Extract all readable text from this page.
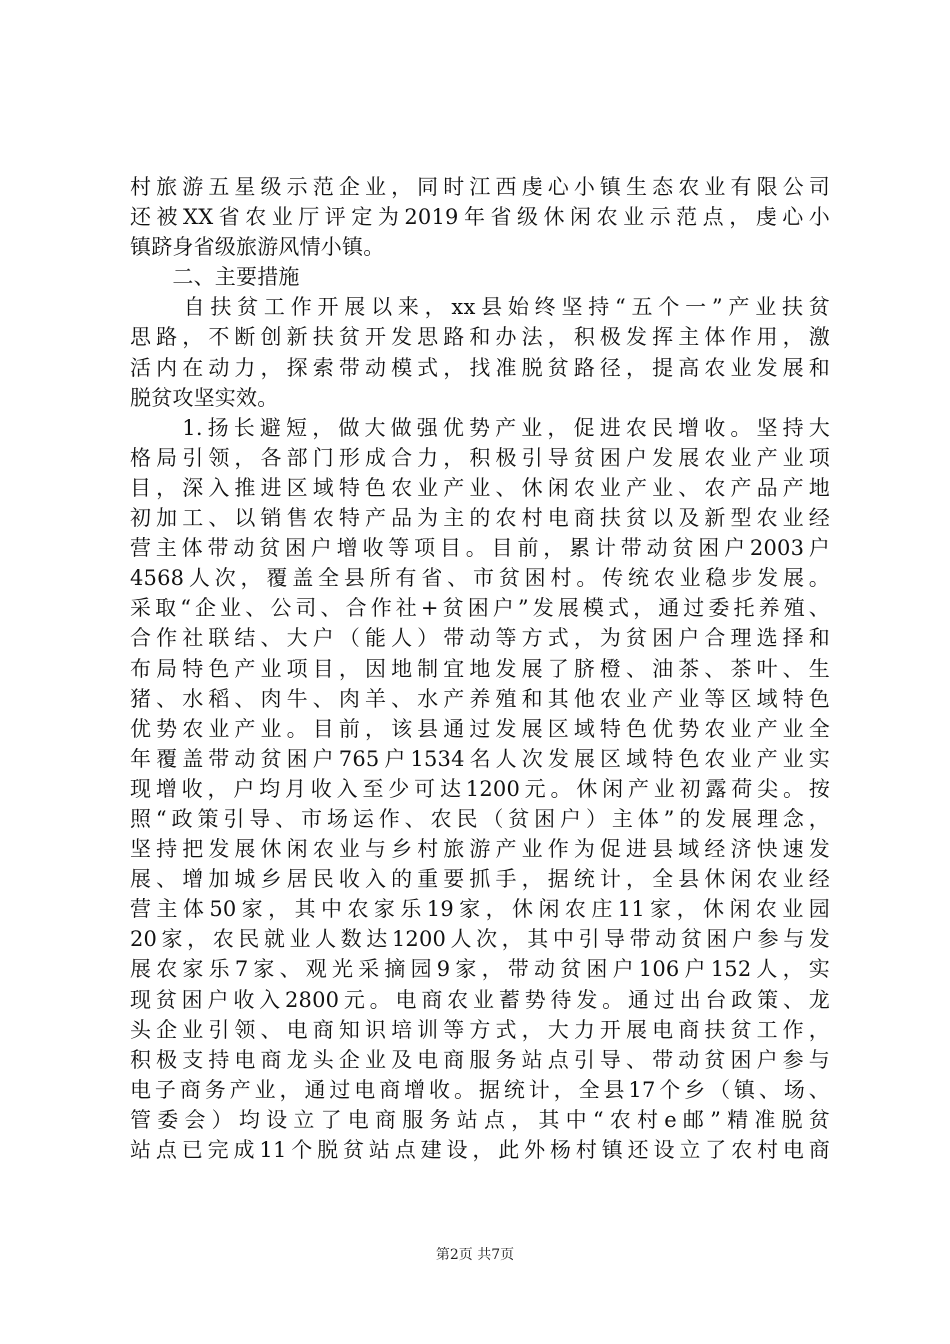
村旅游五星级示范企业，同时江西虔心小镇生态农业有限公司
还被XX省农业厅评定为2019年省级休闲农业示范点，虔心小
镇跻身省级旅游风情小镇。
　　二、主要措施
　　自扶贫工作开展以来，xx县始终坚持“五个一”产业扶贫
思路，不断创新扶贫开发思路和办法，积极发挥主体作用，激
活内在动力，探索带动模式，找准脱贫路径，提高农业发展和
脱贫攻坚实效。
　　1.扬长避短，做大做强优势产业，促进农民增收。坚持大
格局引领，各部门形成合力，积极引导贫困户发展农业产业项
目，深入推进区域特色农业产业、休闲农业产业、农产品产地
初加工、以销售农特产品为主的农村电商扶贫以及新型农业经
营主体带动贫困户增收等项目。目前，累计带动贫困户2003户
4568人次，覆盖全县所有省、市贫困村。传统农业稳步发展。
采取“企业、公司、合作社+贫困户”发展模式，通过委托养殖、
合作社联结、大户（能人）带动等方式，为贫困户合理选择和
布局特色产业项目，因地制宜地发展了脐橙、油茶、茶叶、生
猪、水稻、肉牛、肉羊、水产养殖和其他农业产业等区域特色
优势农业产业。目前，该县通过发展区域特色优势农业产业全
年覆盖带动贫困户765户1534名人次发展区域特色农业产业实
现增收，户均月收入至少可达1200元。休闲产业初露荷尖。按
照“政策引导、市场运作、农民（贫困户）主体”的发展理念，
坚持把发展休闲农业与乡村旅游产业作为促进县域经济快速发
展、增加城乡居民收入的重要抓手，据统计，全县休闲农业经
营主体50家，其中农家乐19家，休闲农庄11家，休闲农业园
20家，农民就业人数达1200人次，其中引导带动贫困户参与发
展农家乐7家、观光采摘园9家，带动贫困户106户152人，实
现贫困户收入2800元。电商农业蓄势待发。通过出台政策、龙
头企业引领、电商知识培训等方式，大力开展电商扶贫工作，
积极支持电商龙头企业及电商服务站点引导、带动贫困户参与
电子商务产业，通过电商增收。据统计，全县17个乡（镇、场、
管委会）均设立了电商服务站点，其中“农村e邮”精准脱贫
站点已完成11个脱贫站点建设，此外杨村镇还设立了农村电商
第2页 共7页
